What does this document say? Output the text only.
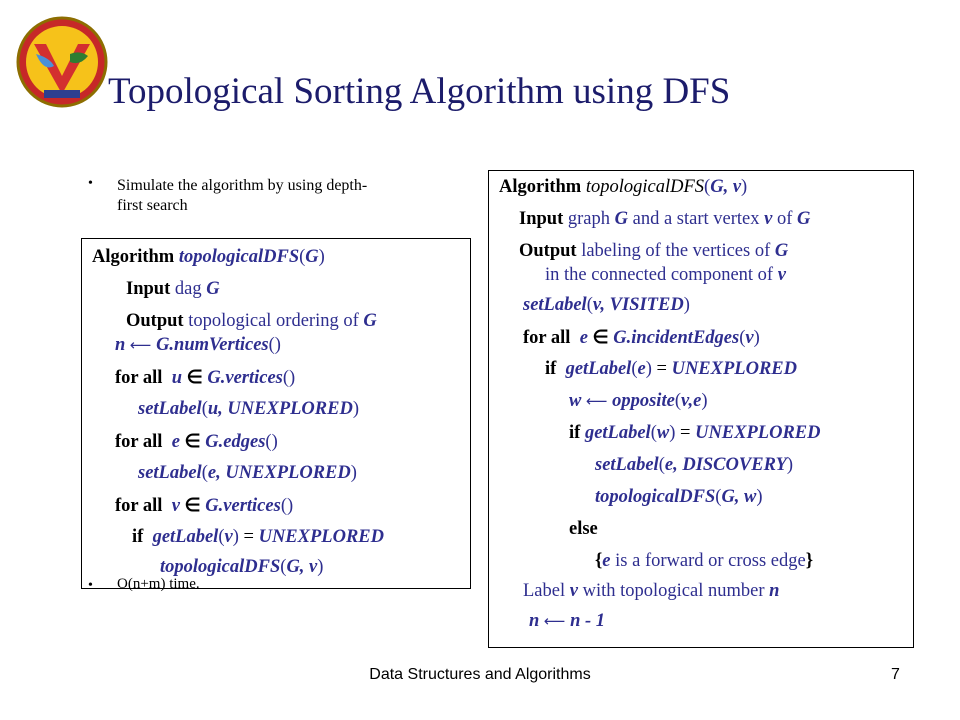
Topological Sorting Algorithm using DFS
• Simulate the algorithm by using depth-
first search
Algorithm topologicalDFS(G)
Input dag G
Output topological ordering of G
n ⟵ G.numVertices()
for all u ∈ G.vertices()
setLabel(u, UNEXPLORED)
for all e ∈ G.edges()
setLabel(e, UNEXPLORED)
for all v ∈ G.vertices()
if getLabel(v) = UNEXPLORED
topologicalDFS(G, v)
• O(n+m) time.
Algorithm topologicalDFS(G, v)
Input graph G and a start vertex v of G
Output labeling of the vertices of G
in the connected component of v
setLabel(v, VISITED)
for all e ∈ G.incidentEdges(v)
if getLabel(e) = UNEXPLORED
w ⟵ opposite(v,e)
if getLabel(w) = UNEXPLORED
setLabel(e, DISCOVERY)
topologicalDFS(G, w)
else
{e is a forward or cross edge}
Label v with topological number n
n ⟵ n - 1
Data Structures and Algorithms	7
